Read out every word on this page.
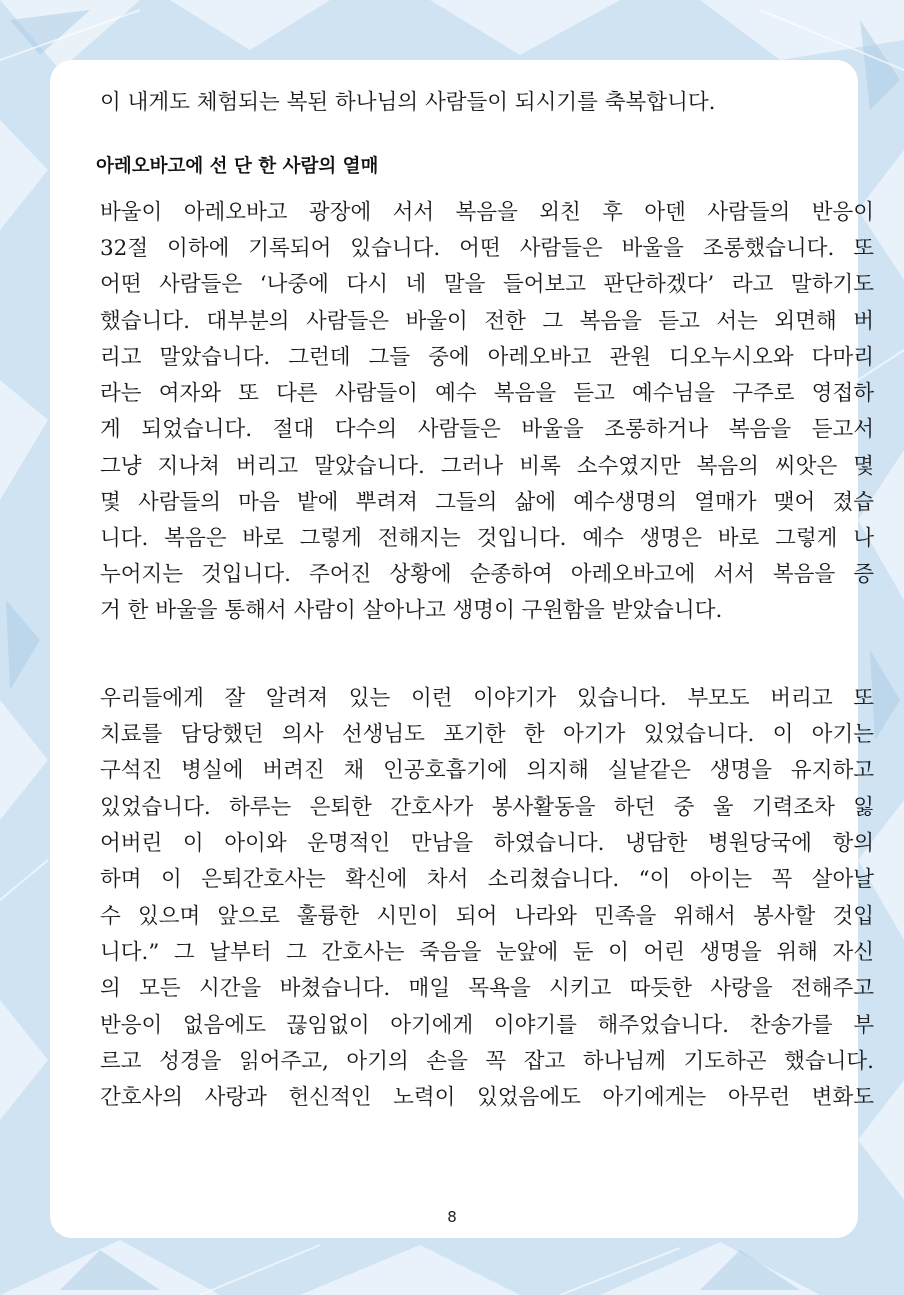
이 내게도 체험되는 복된 하나님의 사람들이 되시기를 축복합니다.

아레오바고에 선 단 한 사람의 열매

바울이 아레오바고 광장에 서서 복음을 외친 후 아덴 사람들의 반응이

32절 이하에 기록되어 있습니다. 어떤 사람들은 바울을 조롱했습니다. 또

어떤 사람들은 ‘나중에 다시 네 말을 들어보고 판단하겠다’ 라고 말하기도

했습니다. 대부분의 사람들은 바울이 전한 그 복음을 듣고 서는 외면해 버

리고 말았습니다. 그런데 그들 중에 아레오바고 관원 디오누시오와 다마리

라는 여자와 또 다른 사람들이 예수 복음을 듣고 예수님을 구주로 영접하

게 되었습니다. 절대 다수의 사람들은 바울을 조롱하거나 복음을 듣고서

그냥 지나쳐 버리고 말았습니다. 그러나 비록 소수였지만 복음의 씨앗은 몇

몇 사람들의 마음 밭에 뿌려져 그들의 삶에 예수생명의 열매가 맺어 졌습

니다. 복음은 바로 그렇게 전해지는 것입니다. 예수 생명은 바로 그렇게 나

누어지는 것입니다. 주어진 상황에 순종하여 아레오바고에 서서 복음을 증

거 한 바울을 통해서 사람이 살아나고 생명이 구원함을 받았습니다.

우리들에게 잘 알려져 있는 이런 이야기가 있습니다. 부모도 버리고 또

치료를 담당했던 의사 선생님도 포기한 한 아기가 있었습니다. 이 아기는

구석진 병실에 버려진 채 인공호흡기에 의지해 실낱같은 생명을 유지하고

있었습니다. 하루는 은퇴한 간호사가 봉사활동을 하던 중 울 기력조차 잃

어버린 이 아이와 운명적인 만남을 하였습니다. 냉담한 병원당국에 항의

하며 이 은퇴간호사는 확신에 차서 소리쳤습니다. “이 아이는 꼭 살아날

수 있으며 앞으로 훌륭한 시민이 되어 나라와 민족을 위해서 봉사할 것입

니다.” 그 날부터 그 간호사는 죽음을 눈앞에 둔 이 어린 생명을 위해 자신

의 모든 시간을 바쳤습니다. 매일 목욕을 시키고 따듯한 사랑을 전해주고

반응이 없음에도 끊임없이 아기에게 이야기를 해주었습니다. 찬송가를 부

르고 성경을 읽어주고, 아기의 손을 꼭 잡고 하나님께 기도하곤 했습니다.

간호사의 사랑과 헌신적인 노력이 있었음에도 아기에게는 아무런 변화도

8
